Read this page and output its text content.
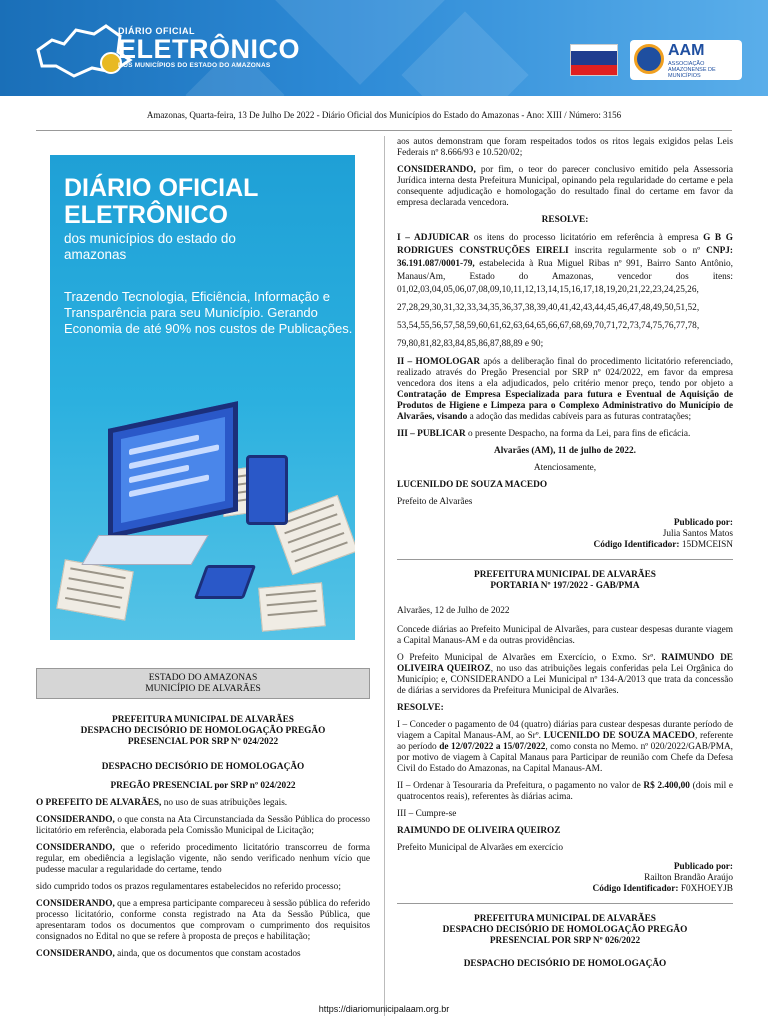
DIÁRIO OFICIAL
ELETRÔNICO
DOS MUNICÍPIOS DO ESTADO DO AMAZONAS
AAM
ASSOCIAÇÃO AMAZONENSE DE MUNICÍPIOS
Amazonas, Quarta-feira, 13 De Julho De 2022 - Diário Oficial dos Municípios do Estado do Amazonas - Ano: XIII / Número: 3156
DIÁRIO OFICIAL ELETRÔNICO
dos municípios do estado do amazonas
Trazendo Tecnologia, Eficiência, Informação e Transparência para seu Município. Gerando Economia de até 90% nos custos de Publicações.
ESTADO DO AMAZONAS
MUNICÍPIO DE ALVARÃES
PREFEITURA MUNICIPAL DE ALVARÃES
DESPACHO DECISÓRIO DE HOMOLOGAÇÃO PREGÃO
PRESENCIAL POR SRP Nº 024/2022
DESPACHO DECISÓRIO DE HOMOLOGAÇÃO
PREGÃO PRESENCIAL por SRP nº 024/2022
O PREFEITO DE ALVARÃES, no uso de suas atribuições legais.
CONSIDERANDO, o que consta na Ata Circunstanciada da Sessão Pública do processo licitatório em referência, elaborada pela Comissão Municipal de Licitação;
CONSIDERANDO, que o referido procedimento licitatório transcorreu de forma regular, em obediência a legislação vigente, não sendo verificado nenhum vício que pudesse macular a regularidade do certame, tendo
sido cumprido todos os prazos regulamentares estabelecidos no referido processo;
CONSIDERANDO, que a empresa participante compareceu à sessão pública do referido processo licitatório, conforme consta registrado na Ata da Sessão Pública, que apresentaram todos os documentos que comprovam o cumprimento dos requisitos consignados no Edital no que se refere à proposta de preços e habilitação;
CONSIDERANDO, ainda, que os documentos que constam acostados
aos autos demonstram que foram respeitados todos os ritos legais exigidos pelas Leis Federais nº 8.666/93 e 10.520/02;
CONSIDERANDO, por fim, o teor do parecer conclusivo emitido pela Assessoria Jurídica interna desta Prefeitura Municipal, opinando pela regularidade do certame e pela consequente adjudicação e homologação do resultado final do certame em favor da empresa declarada vencedora.
RESOLVE:
I – ADJUDICAR os itens do processo licitatório em referência à empresa G B G RODRIGUES CONSTRUÇÕES EIRELI inscrita regularmente sob o nº CNPJ: 36.191.087/0001-79, estabelecida à Rua Miguel Ribas nº 991, Bairro Santo Antônio, Manaus/Am, Estado do Amazonas, vencedor dos itens: 01,02,03,04,05,06,07,08,09,10,11,12,13,14,15,16,17,18,19,20,21,22,23,24,25,26,
27,28,29,30,31,32,33,34,35,36,37,38,39,40,41,42,43,44,45,46,47,48,49,50,51,52,
53,54,55,56,57,58,59,60,61,62,63,64,65,66,67,68,69,70,71,72,73,74,75,76,77,78,
79,80,81,82,83,84,85,86,87,88,89 e 90;
II – HOMOLOGAR após a deliberação final do procedimento licitatório referenciado, realizado através do Pregão Presencial por SRP nº 024/2022, em favor da empresa vencedora dos itens a ela adjudicados, pelo critério menor preço, tendo por objeto a Contratação de Empresa Especializada para futura e Eventual de Aquisição de Produtos de Higiene e Limpeza para o Complexo Administrativo do Município de Alvarães, visando a adoção das medidas cabíveis para as futuras contratações;
III – PUBLICAR o presente Despacho, na forma da Lei, para fins de eficácia.
Alvarães (AM), 11 de julho de 2022.
Atenciosamente,
LUCENILDO DE SOUZA MACEDO
Prefeito de Alvarães
Publicado por:
Julia Santos Matos
Código Identificador: 15DMCEISN
PREFEITURA MUNICIPAL DE ALVARÃES
PORTARIA Nº 197/2022 - GAB/PMA
Alvarães, 12 de Julho de 2022
Concede diárias ao Prefeito Municipal de Alvarães, para custear despesas durante viagem a Capital Manaus-AM e da outras providências.
O Prefeito Municipal de Alvarães em Exercício, o Exmo. Srº. RAIMUNDO DE OLIVEIRA QUEIROZ, no uso das atribuições legais conferidas pela Lei Orgânica do Município; e, CONSIDERANDO a Lei Municipal nº 134-A/2013 que trata da concessão de diárias a servidores da Prefeitura Municipal de Alvarães.
RESOLVE:
I – Conceder o pagamento de 04 (quatro) diárias para custear despesas durante período de viagem a Capital Manaus-AM, ao Srº. LUCENILDO DE SOUZA MACEDO, referente ao período de 12/07/2022 a 15/07/2022, como consta no Memo. nº 020/2022/GAB/PMA, por motivo de viagem à Capital Manaus para Participar de reunião com Chefe da Defesa Civil do Estado do Amazonas, na Capital Manaus-AM.
II – Ordenar à Tesouraria da Prefeitura, o pagamento no valor de R$ 2.400,00 (dois mil e quatrocentos reais), referentes às diárias acima.
III – Cumpre-se
RAIMUNDO DE OLIVEIRA QUEIROZ
Prefeito Municipal de Alvarães em exercício
Publicado por:
Railton Brandão Araújo
Código Identificador: F0XHOEYJB
PREFEITURA MUNICIPAL DE ALVARÃES
DESPACHO DECISÓRIO DE HOMOLOGAÇÃO PREGÃO
PRESENCIAL POR SRP Nº 026/2022
DESPACHO DECISÓRIO DE HOMOLOGAÇÃO
https://diariomunicipalaam.org.br
